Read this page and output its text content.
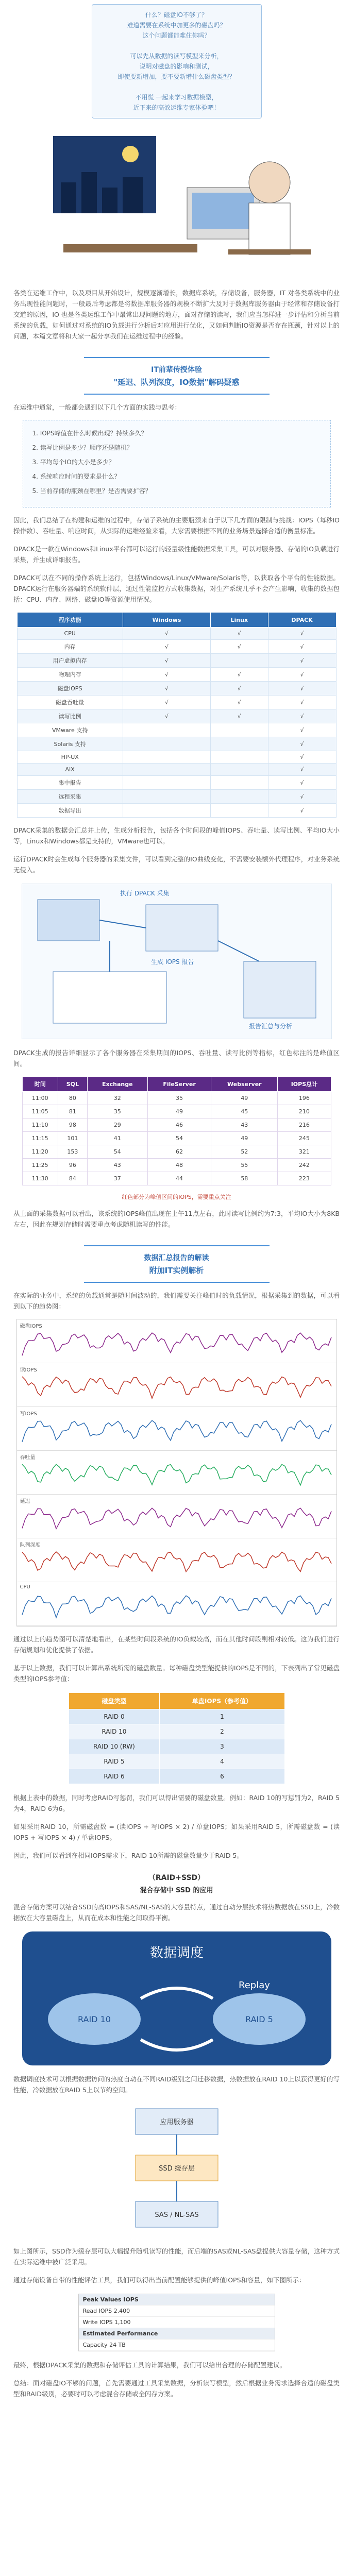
什么？磁盘IO不够了？

难道需要在系统中加更多的磁盘吗？

这个问题都能难住你吗？

可以先从数据的读写模型来分析，

说明对磁盘的影响和测试，

即使要新增加，要不要新增什么磁盘类型？

不用慌 一起来学习数据模型，

近下来的高效运维专家体验吧！

各类在运维工作中，以及项目从开始设计，规模逐渐增长，数据库系统，存储设备，服务器，IT 对各类系统中的业务出现性能问题时，一般最后考虑都是将数据库服务器的规模不断扩大及对于数据库服务器由于经常和存储设备打交道的原因，IO 也是各类运维工作中最常出现问题的地方，面对存储的读写，我们应当怎样进一步评估和分析当前系统的负载，如何通过对系统的IO负载进行分析后对应用进行优化，又如何判断IO资源是否存在瓶颈，针对以上的问题，本篇文章将和大家一起分享我们在运维过程中的经验。

IT前辈传授体验
"延迟、队列深度，IO数据"解码疑惑

在运维中通常，一般都会遇到以下几个方面的实践与思考：

1. IOPS峰值在什么时候出现？持续多久？

2. 读写比例是多少？顺序还是随机？

3. 平均每个IO的大小是多少？

4. 系统响应时间的要求是什么？

5. 当前存储的瓶颈在哪里？是否需要扩容？

因此，我们总结了在构建和运维的过程中，存储子系统的主要瓶颈来自于以下几方面的限制与挑战：IOPS（每秒IO操作数）、吞吐量、响应时间，从实际的运维经验来看，大家需要根据不同的业务场景选择合适的衡量标准。

DPACK是一款在Windows和Linux平台都可以运行的轻量级性能数据采集工具，可以对服务器、存储的IO负载进行采集，并生成详细报告。

DPACK可以在不同的操作系统上运行，包括Windows/Linux/VMware/Solaris等，以获取各个平台的性能数据。DPACK运行在服务器端的系统软件层，通过性能监控方式收集数据，对生产系统几乎不会产生影响，收集的数据包括：CPU、内存、网络、磁盘IO等资源使用情况。

程序功能	Windows	Linux	DPACK
CPU	√	√	√
内存	√	√	√
用户虚拟内存	√		√
物理内存	√	√	√
磁盘IOPS	√	√	√
磁盘吞吐量	√	√	√
读写比例	√	√	√
VMware 支持			√
Solaris 支持			√
HP-UX			√
AIX			√
集中报告			√
远程采集			√
数据导出			√

DPACK采集的数据会汇总并上传，生成分析报告，包括各个时间段的峰值IOPS、吞吐量、读写比例、平均IO大小等，Linux和Windows都是支持的，VMware也可以。

运行DPACK时会生成每个服务器的采集文件，可以看到完整的IO曲线变化，不需要安装额外代理程序，对业务系统无侵入。

执行 DPACK 采集
生成 IOPS 报告
报告汇总与分析

DPACK生成的报告详细显示了各个服务器在采集期间的IOPS、吞吐量、读写比例等指标，红色标注的是峰值区间。

时间	SQL	Exchange	FileServer	Webserver	IOPS总计
11:00	80	32	35	49	196
11:05	81	35	49	45	210
11:10	98	29	46	43	216
11:15	101	41	54	49	245
11:20	153	54	62	52	321
11:25	96	43	48	55	242
11:30	84	37	44	58	223
红色部分为峰值区间的IOPS，需要重点关注

从上面的采集数据可以看出，该系统的IOPS峰值出现在上午11点左右，此时读写比例约为7:3，平均IO大小为8KB左右，因此在规划存储时需要重点考虑随机读写的性能。

数据汇总报告的解读
附加IT实例解析

在实际的业务中，系统的负载通常是随时间波动的，我们需要关注峰值时的负载情况，根据采集到的数据，可以看到以下的趋势图：

磁盘IOPS
读IOPS
写IOPS
吞吐量
延迟
队列深度
CPU

通过以上的趋势图可以清楚地看出，在某些时间段系统的IO负载较高，而在其他时间段则相对较低。这为我们进行存储规划和优化提供了依据。

基于以上数据，我们可以计算出系统所需的磁盘数量。每种磁盘类型能提供的IOPS是不同的，下表列出了常见磁盘类型的IOPS参考值：

磁盘类型	单盘IOPS（参考值）
RAID 0	1
RAID 10	2
RAID 10 (RW)	3
RAID 5	4
RAID 6	6

根据上表中的数据，同时考虑RAID写惩罚，我们可以得出需要的磁盘数量。例如：RAID 10的写惩罚为2，RAID 5为4，RAID 6为6。

如果采用RAID 10，所需磁盘数 = (读IOPS + 写IOPS × 2) / 单盘IOPS；如果采用RAID 5，所需磁盘数 = (读IOPS + 写IOPS × 4) / 单盘IOPS。

因此，我们可以看到在相同IOPS需求下，RAID 10所需的磁盘数量少于RAID 5。

（RAID+SSD）
混合存储中 SSD 的应用

混合存储方案可以结合SSD的高IOPS和SAS/NL-SAS的大容量特点，通过自动分层技术将热数据放在SSD上，冷数据放在大容量磁盘上，从而在成本和性能之间取得平衡。

数据调度
RAID 10	RAID 5
Replay

数据调度技术可以根据数据访问的热度自动在不同RAID级别之间迁移数据，热数据放在RAID 10上以获得更好的写性能，冷数据放在RAID 5上以节约空间。

应用服务器
SSD 缓存层
SAS / NL-SAS

如上图所示，SSD作为缓存层可以大幅提升随机读写的性能，而后端的SAS或NL-SAS盘提供大容量存储，这种方式在实际运维中被广泛采用。

通过存储设备自带的性能评估工具，我们可以得出当前配置能够提供的峰值IOPS和容量，如下图所示：

Peak Values IOPS
Read IOPS 2,400
Write IOPS 1,100
Estimated Performance
Capacity 24 TB

最终，根据DPACK采集的数据和存储评估工具的计算结果，我们可以给出合理的存储配置建议。

总结：面对磁盘IO不够的问题，首先需要通过工具采集数据，分析读写模型，然后根据业务需求选择合适的磁盘类型和RAID级别，必要时可以考虑混合存储或全闪存方案。
